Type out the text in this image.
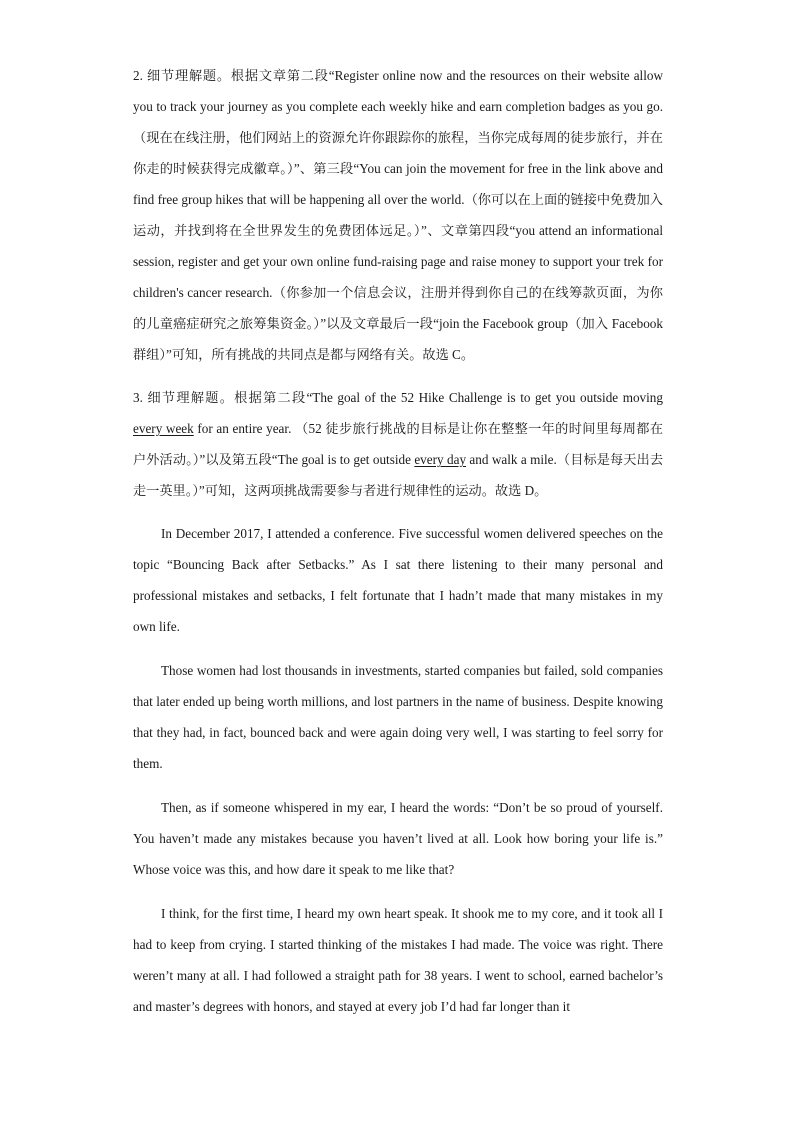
2. 细节理解题。根据文章第二段“Register online now and the resources on their website allow you to track your journey as you complete each weekly hike and earn completion badges as you go.（现在在线注册，他们网站上的资源允许你跟踪你的旅程，当你完成每周的徒步旅行，并在你走的时候获得完成徽章。）”、第三段“You can join the movement for free in the link above and find free group hikes that will be happening all over the world.（你可以在上面的链接中免费加入运动，并找到将在全世界发生的免费团体远足。）”、文章第四段“you attend an informational session, register and get your own online fund-raising page and raise money to support your trek for children's cancer research.（你参加一个信息会议，注册并得到你自己的在线筹款页面，为你的儿童癌症研究之旅筹集资金。）”以及文章最后一段“join the Facebook group（加入 Facebook 群组）”可知，所有挑战的共同点是都与网络有关。故选 C。

3. 细节理解题。根据第二段“The goal of the 52 Hike Challenge is to get you outside moving every week for an entire year. （52 徒步旅行挑战的目标是让你在整整一年的时间里每周都在户外活动。）”以及第五段“The goal is to get outside every day and walk a mile.（目标是每天出去走一英里。）”可知，这两项挑战需要参与者进行规律性的运动。故选 D。

In December 2017, I attended a conference. Five successful women delivered speeches on the topic “Bouncing Back after Setbacks.” As I sat there listening to their many personal and professional mistakes and setbacks, I felt fortunate that I hadn’t made that many mistakes in my own life.

Those women had lost thousands in investments, started companies but failed, sold companies that later ended up being worth millions, and lost partners in the name of business. Despite knowing that they had, in fact, bounced back and were again doing very well, I was starting to feel sorry for them.

Then, as if someone whispered in my ear, I heard the words: “Don’t be so proud of yourself. You haven’t made any mistakes because you haven’t lived at all. Look how boring your life is.” Whose voice was this, and how dare it speak to me like that?

I think, for the first time, I heard my own heart speak. It shook me to my core, and it took all I had to keep from crying. I started thinking of the mistakes I had made. The voice was right. There weren’t many at all. I had followed a straight path for 38 years. I went to school, earned bachelor’s and master’s degrees with honors, and stayed at every job I’d had far longer than it
